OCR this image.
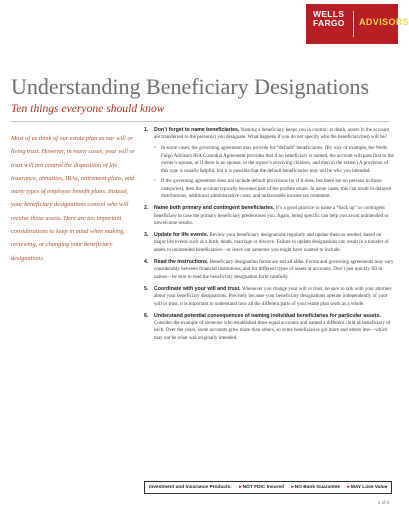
WELLS
FARGO ADVISORS
Understanding Beneficiary Designations
Ten things everyone should know

Most of us think of our estate plan as our will or living trust. However, in many cases, your will or trust will not control the disposition of life insurance, annuities, IRAs, retirement plans, and many types of employee benefit plans. Instead, your beneficiary designations control who will receive those assets. Here are ten important considerations to keep in mind when making, reviewing, or changing your beneficiary designations.

1. Don’t forget to name beneficiaries. Naming a beneficiary keeps you in control: at death, assets in the account are transferred to the person(s) you designate. What happens if you do not specify who the beneficiary(ies) will be?
• In some cases, the governing agreement may provide for “default” beneficiaries. (By way of example, the Wells Fargo Advisors IRA Custodial Agreement provides that if no beneficiary is named, the account will pass first to the owner’s spouse, or if there is no spouse, to the owner’s surviving children, and then to the estate.) A provision of this type is usually helpful, but it is possible that the default beneficiaries may not be who you intended.
• If the governing agreement does not include default provisions (or if it does, but there are no persons in those categories), then the account typically becomes part of the probate estate. In some cases, this can result in delayed distributions, additional administrative costs, and unfavorable income tax treatment.
2. Name both primary and contingent beneficiaries. It’s a good practice to name a “back up” or contingent beneficiary in case the primary beneficiary predeceases you. Again, being specific can help you avoid unintended or unwelcome results.
3. Update for life events. Review your beneficiary designations regularly and update them as needed, based on major life events such as a birth, death, marriage or divorce. Failure to update designations can result in a transfer of assets to unintended beneficiaries—or leave out someone you might have wanted to include.
4. Read the instructions. Beneficiary designation forms are not all alike. Forms and governing agreements may vary considerably between financial institutions, and for different types of assets or accounts. Don’t just quickly fill in names—be sure to read the beneficiary designation form carefully.
5. Coordinate with your will and trust. Whenever you change your will or trust, be sure to talk with your attorney about your beneficiary designations. Precisely because your beneficiary designations operate independently of your will or trust, it is important to understand how all the different parts of your estate plan work as a whole.
6. Understand potential consequences of naming individual beneficiaries for particular assets. Consider the example of someone who established three equal accounts and named a different child as beneficiary of each. Over the years, some accounts grew more than others, so some beneficiaries got more and others less—which may not be what was originally intended.
Investment and Insurance Products: ▸NOT FDIC Insured ▸NO Bank Guarantee ▸MAY Lose Value
1 of 3
